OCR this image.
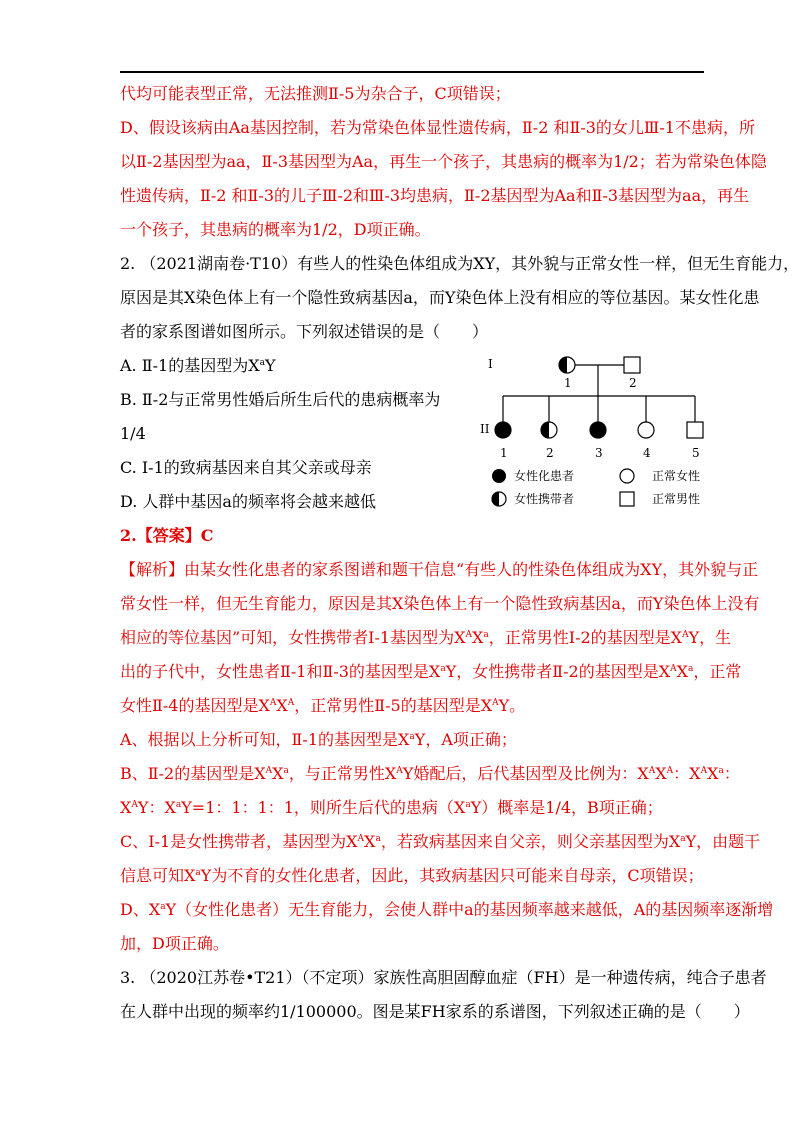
代均可能表型正常，无法推测Ⅱ-5为杂合子，C项错误；
D、假设该病由Aa基因控制，若为常染色体显性遗传病，Ⅱ-2 和Ⅱ-3的女儿Ⅲ-1不患病，所
以Ⅱ-2基因型为aa，Ⅱ-3基因型为Aa，再生一个孩子，其患病的概率为1/2；若为常染色体隐
性遗传病，Ⅱ-2 和Ⅱ-3的儿子Ⅲ-2和Ⅲ-3均患病，Ⅱ-2基因型为Aa和Ⅱ-3基因型为aa，再生
一个孩子，其患病的概率为1/2，D项正确。
2. （2021湖南卷·T10）有些人的性染色体组成为XY，其外貌与正常女性一样，但无生育能力，
原因是其X染色体上有一个隐性致病基因a，而Y染色体上没有相应的等位基因。某女性化患
者的家系图谱如图所示。下列叙述错误的是（　　）
A. Ⅱ-1的基因型为$X^aY$
B. Ⅱ-2与正常男性婚后所生后代的患病概率为
1/4
C. I-1的致病基因来自其父亲或母亲
D. 人群中基因a的频率将会越来越低
2.【答案】C
【解析】由某女性化患者的家系图谱和题干信息“有些人的性染色体组成为XY，其外貌与正
常女性一样，但无生育能力，原因是其X染色体上有一个隐性致病基因a，而Y染色体上没有
相应的等位基因”可知，女性携带者Ⅰ-1基因型为$X^AX^a$，正常男性Ⅰ-2的基因型是$X^AY$，生
出的子代中，女性患者Ⅱ-1和Ⅱ-3的基因型是$X^aY$，女性携带者Ⅱ-2的基因型是$X^AX^a$，正常
女性Ⅱ-4的基因型是$X^AX^A$，正常男性Ⅱ-5的基因型是$X^AY$。
A、根据以上分析可知，Ⅱ-1的基因型是$X^aY$，A项正确；
B、Ⅱ-2的基因型是$X^AX^a$，与正常男性$X^AY$婚配后，后代基因型及比例为：$X^AX^A$：$X^AX^a$：
$X^AY$：$X^aY=1$：1：1：1，则所生后代的患病$(X^aY)$概率是1/4，B项正确；
C、Ⅰ-1是女性携带者，基因型为$X^AX^a$，若致病基因来自父亲，则父亲基因型为$X^aY$，由题干
信息可知$X^aY$为不育的女性化患者，因此，其致病基因只可能来自母亲，C项错误；
D、$X^aY$（女性化患者）无生育能力，会使人群中a的基因频率越来越低，A的基因频率逐渐增
加，D项正确。
3. （2020江苏卷•T21）（不定项）家族性高胆固醇血症（FH）是一种遗传病，纯合子患者
在人群中出现的频率约1/100000。图是某FH家系的系谱图，下列叙述正确的是（　　）
I
II
1	2
1	2	3	4	5
女性化患者	正常女性
女性携带者	正常男性
